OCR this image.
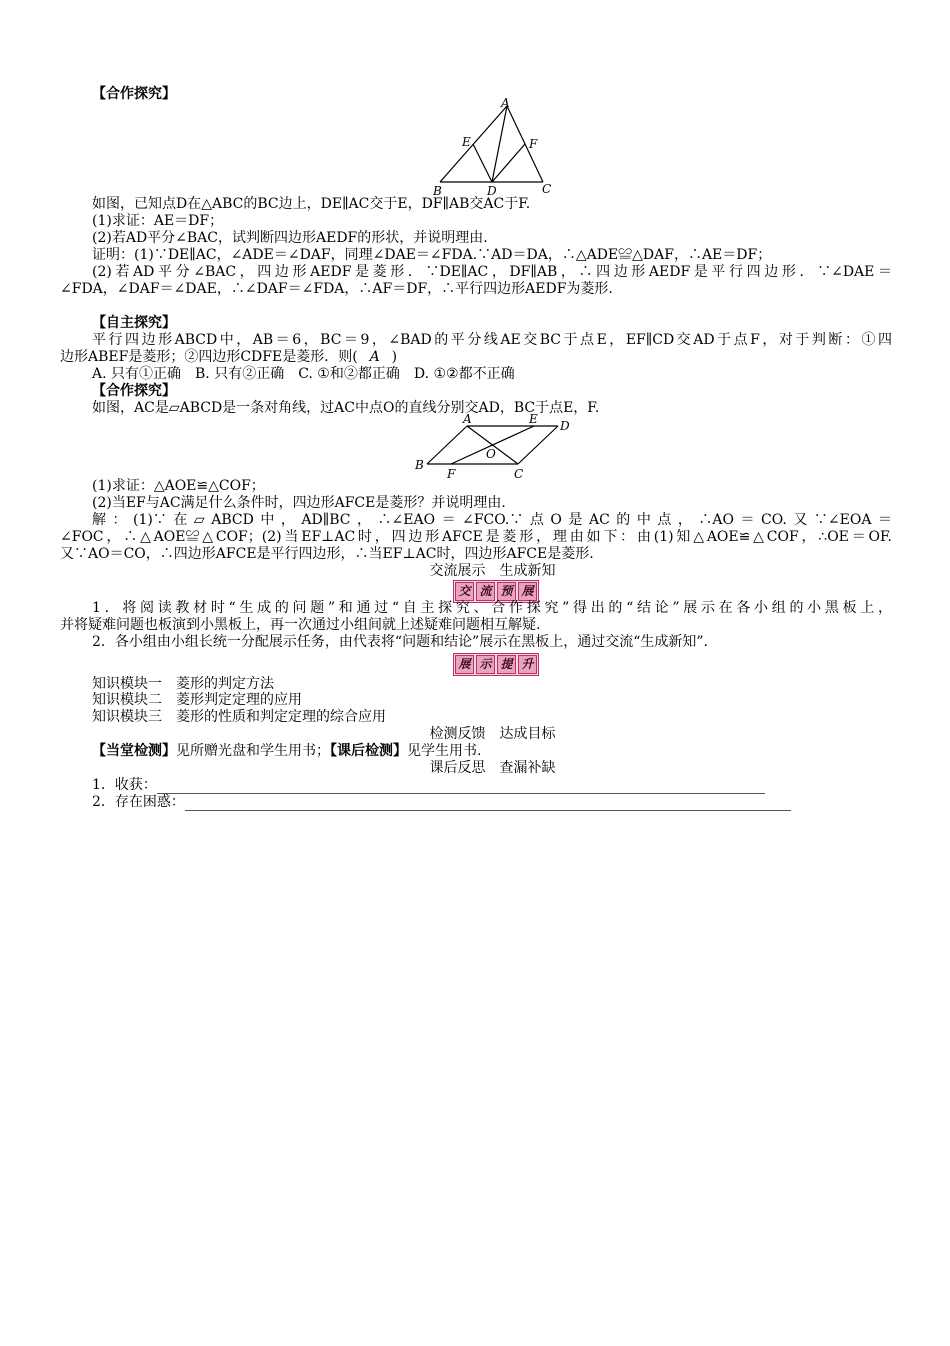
【合作探究】
A
E	F
B	D	C
如图，已知点D在△ABC的BC边上，DE∥AC交于E，DF∥AB交AC于F.
(1)求证：AE＝DF；
(2)若AD平分∠BAC，试判断四边形AEDF的形状，并说明理由.
证明：(1)∵DE∥AC，∠ADE＝∠DAF，同理∠DAE＝∠FDA.∵AD＝DA，∴△ADE≌△DAF，∴AE＝DF；
(2)若AD平分∠BAC，四边形AEDF是菱形．∵DE∥AC，DF∥AB，∴四边形AEDF是平行四边形．∵∠DAE＝
∠FDA，∠DAF＝∠DAE，∴∠DAF＝∠FDA，∴AF＝DF，∴平行四边形AEDF为菱形.
【自主探究】
平行四边形ABCD中，AB＝6，BC＝9，∠BAD的平分线AE交BC于点E，EF∥CD交AD于点F，对于判断：①四
边形ABEF是菱形；②四边形CDFE是菱形．则( A )
A. 只有①正确　B. 只有②正确　C. ①和②都正确　D. ①②都不正确
【合作探究】
如图，AC是▱ABCD是一条对角线，过AC中点O的直线分别交AD，BC于点E，F.
A	E D
O
B
F	C
(1)求证：△AOE≌△COF；
(2)当EF与AC满足什么条件时，四边形AFCE是菱形？并说明理由.
解：(1)∵在▱ABCD中，AD∥BC，∴∠EAO＝∠FCO.∵点O是AC的中点，∴AO＝CO.又∵∠EOA＝
∠FOC，∴△AOE≌△COF；(2)当EF⊥AC时，四边形AFCE是菱形，理由如下：由(1)知△AOE≌△COF，∴OE＝OF.
又∵AO＝CO，∴四边形AFCE是平行四边形，∴当EF⊥AC时，四边形AFCE是菱形.
交流展示　生成新知
交 流 预 展
1．将阅读教材时“生成的问题”和通过“自主探究、合作探究”得出的“结论”展示在各小组的小黑板上，
并将疑难问题也板演到小黑板上，再一次通过小组间就上述疑难问题相互解疑.
2．各小组由小组长统一分配展示任务，由代表将“问题和结论”展示在黑板上，通过交流“生成新知”.
展 示 提 升
知识模块一　菱形的判定方法
知识模块二　菱形判定定理的应用
知识模块三　菱形的性质和判定定理的综合应用
检测反馈　达成目标
【当堂检测】见所赠光盘和学生用书；【课后检测】见学生用书.
课后反思　查漏补缺
1．收获：
2．存在困惑：
